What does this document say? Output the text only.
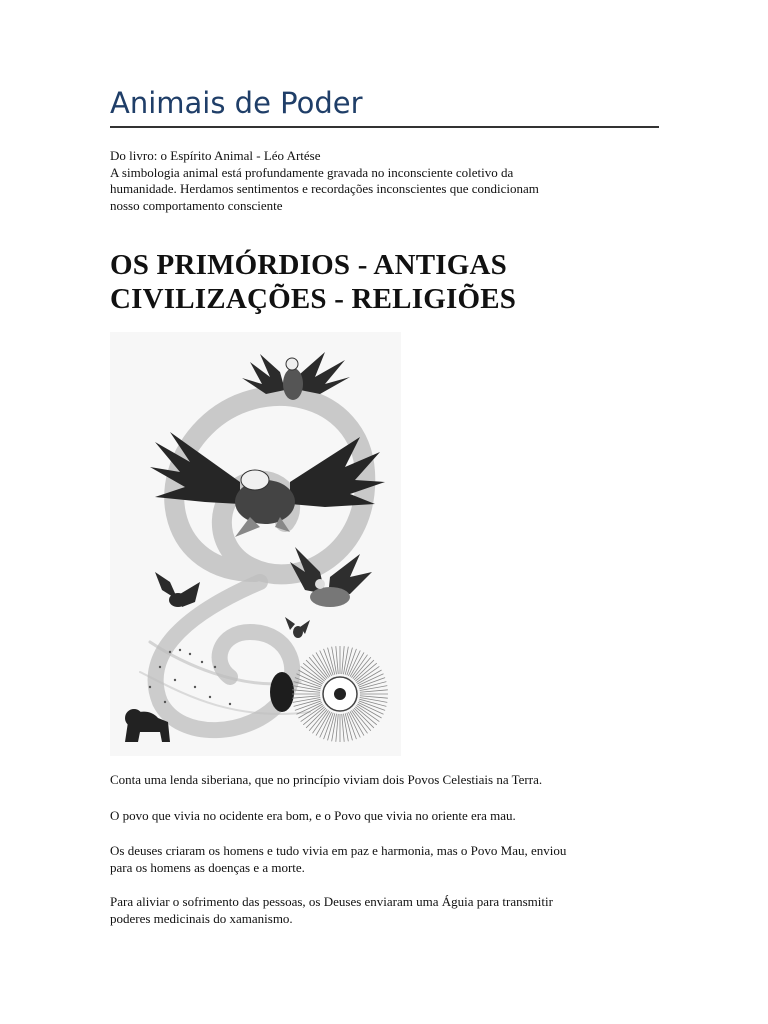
Animais de Poder

Do livro: o Espírito Animal - Léo Artése
A simbologia animal está profundamente gravada no inconsciente coletivo da
humanidade. Herdamos sentimentos e recordações inconscientes que condicionam
nosso comportamento consciente

OS PRIMÓRDIOS - ANTIGAS
CIVILIZAÇÕES - RELIGIÕES

Conta uma lenda siberiana, que no princípio viviam dois Povos Celestiais na Terra.

O povo que vivia no ocidente era bom, e o Povo que vivia no oriente era mau.

Os deuses criaram os homens e tudo vivia em paz e harmonia, mas o Povo Mau, enviou
para os homens as doenças e a morte.

Para aliviar o sofrimento das pessoas, os Deuses enviaram uma Águia para transmitir
poderes medicinais do xamanismo.
